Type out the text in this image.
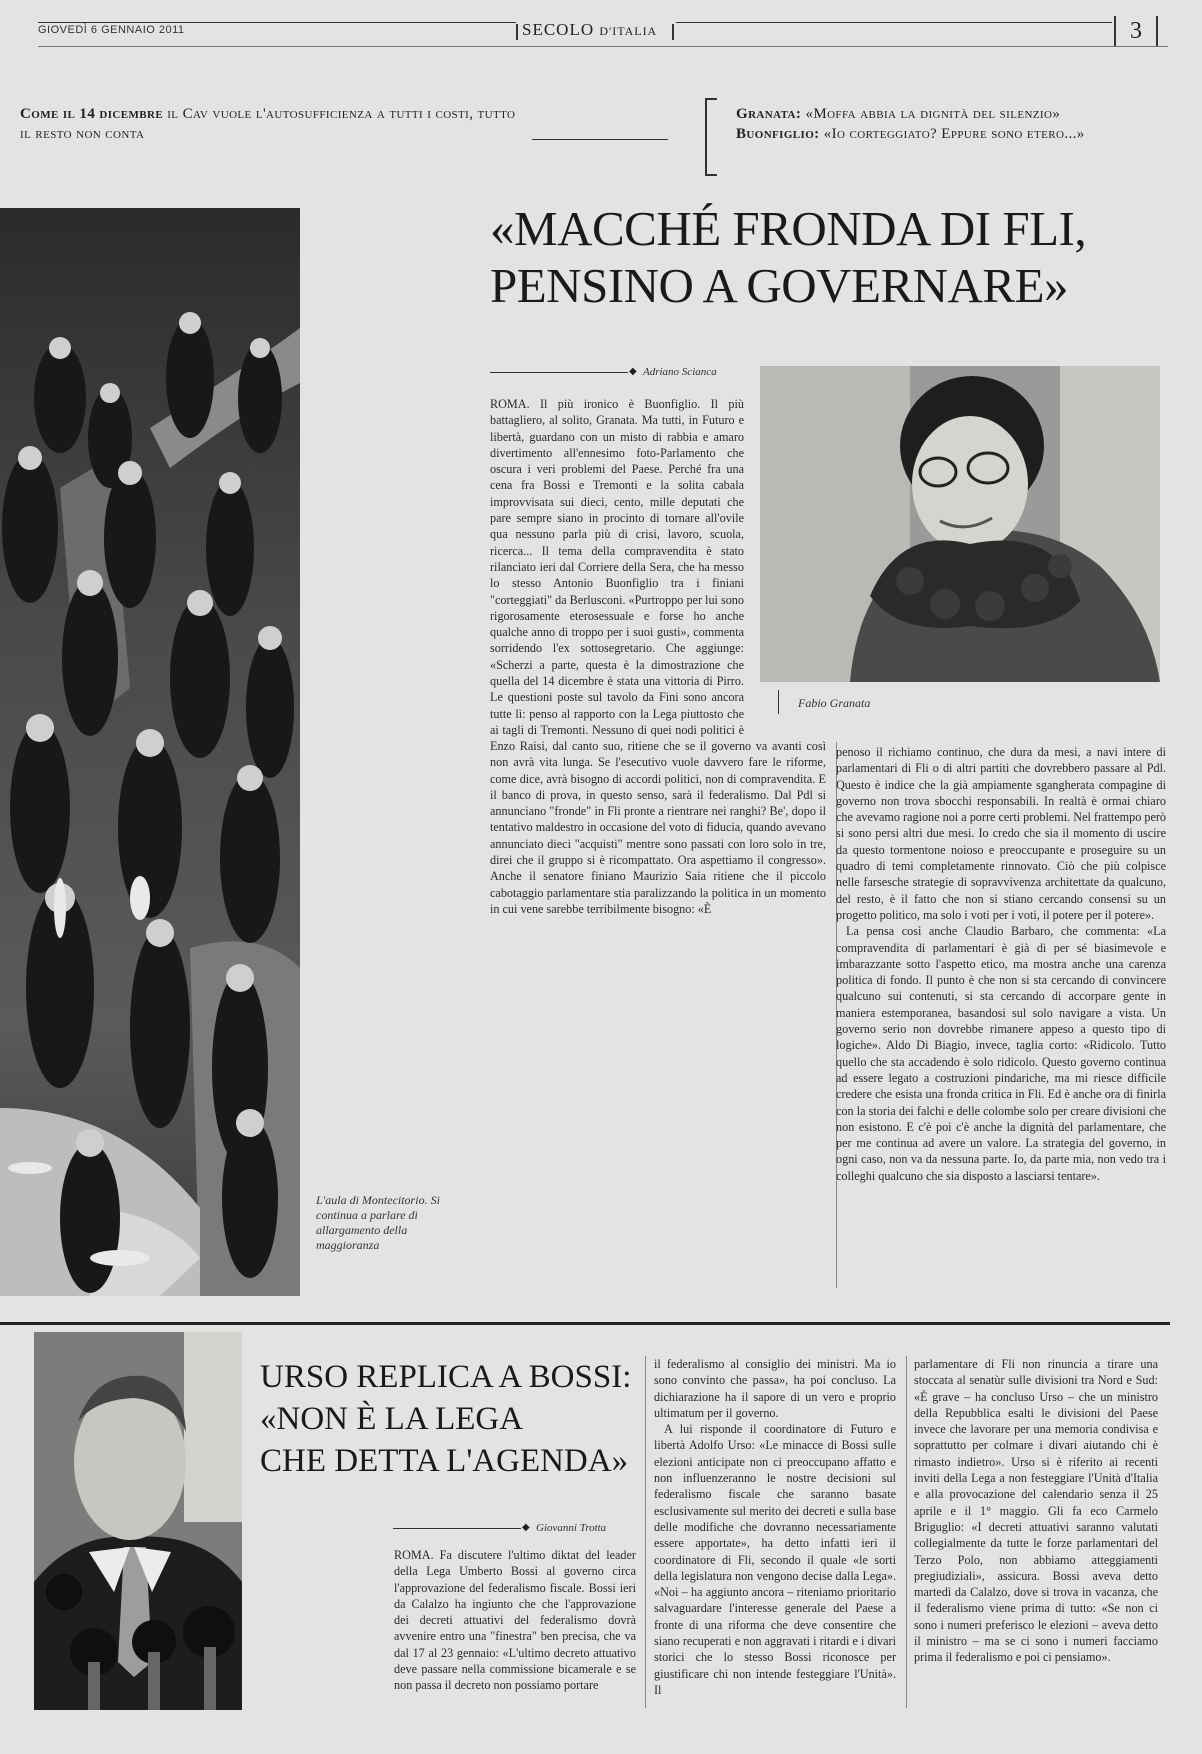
GIOVEDÌ 6 GENNAIO 2011	SECOLO D'ITALIA	3
Come il 14 dicembre il Cav vuole l'autosufficienza a tutti i costi, tutto il resto non conta
Granata: «Moffa abbia la dignità del silenzio»
Buonfiglio: «Io corteggiato? Eppure sono etero...»
L'aula di Montecitorio. Si continua a parlare di allargamento della maggioranza
«MACCHÉ FRONDA DI FLI,
PENSINO A GOVERNARE»
◆ Adriano Scianca
Fabio Granata

ROMA. Il più ironico è Buonfiglio. Il più battagliero, al solito, Granata. Ma tutti, in Futuro e libertà, guardano con un misto di rabbia e amaro divertimento all'ennesimo foto-Parlamento che oscura i veri problemi del Paese. Perché fra una cena fra Bossi e Tremonti e la solita cabala improvvisata sui dieci, cento, mille deputati che pare sempre siano in procinto di tornare all'ovile qua nessuno parla più di crisi, lavoro, scuola, ricerca... Il tema della compravendita è stato rilanciato ieri dal Corriere della Sera, che ha messo lo stesso Antonio Buonfiglio tra i finiani "corteggiati" da Berlusconi. «Purtroppo per lui sono rigorosamente eterosessuale e forse ho anche qualche anno di troppo per i suoi gusti», commenta sorridendo l'ex sottosegretario. Che aggiunge: «Scherzi a parte, questa è la dimostrazione che quella del 14 dicembre è stata una vittoria di Pirro. Le questioni poste sul tavolo da Fini sono ancora tutte lì: penso al rapporto con la Lega piuttosto che ai tagli di Tremonti. Nessuno di quei nodi politici è

Enzo Raisi, dal canto suo, ritiene che se il governo va avanti così non avrà vita lunga. Se l'esecutivo vuole davvero fare le riforme, come dice, avrà bisogno di accordi politici, non di compravendita. E il banco di prova, in questo senso, sarà il federalismo. Dal Pdl si annunciano "fronde" in Fli pronte a rientrare nei ranghi? Be', dopo il tentativo maldestro in occasione del voto di fiducia, quando avevano annunciato dieci "acquisti" mentre sono passati con loro solo in tre, direi che il gruppo si è ricompattato. Ora aspettiamo il congresso». Anche il senatore finiano Maurizio Saia ritiene che il piccolo cabotaggio parlamentare stia paralizzando la politica in un momento in cui vene sarebbe terribilmente bisogno: «È

penoso il richiamo continuo, che dura da mesi, a navi intere di parlamentari di Fli o di altri partiti che dovrebbero passare al Pdl. Questo è indice che la già ampiamente sgangherata compagine di governo non trova sbocchi responsabili. In realtà è ormai chiaro che avevamo ragione noi a porre certi problemi. Nel frattempo però si sono persi altri due mesi. Io credo che sia il momento di uscire da questo tormentone noioso e preoccupante e proseguire su un quadro di temi completamente rinnovato. Ciò che più colpisce nelle farsesche strategie di sopravvivenza architettate da qualcuno, del resto, è il fatto che non si stiano cercando consensi su un progetto politico, ma solo i voti per i voti, il potere per il potere».

La pensa così anche Claudio Barbaro, che commenta: «La compravendita di parlamentari è già di per sé biasimevole e imbarazzante sotto l'aspetto etico, ma mostra anche una carenza politica di fondo. Il punto è che non si sta cercando di convincere qualcuno sui contenuti, si sta cercando di accorpare gente in maniera estemporanea, basandosi sul solo navigare a vista. Un governo serio non dovrebbe rimanere appeso a questo tipo di logiche». Aldo Di Biagio, invece, taglia corto: «Ridicolo. Tutto quello che sta accadendo è solo ridicolo. Questo governo continua ad essere legato a costruzioni pindariche, ma mi riesce difficile credere che esista una fronda critica in Fli. Ed è anche ora di finirla con la storia dei falchi e delle colombe solo per creare divisioni che non esistono. E c'è poi c'è anche la dignità del parlamentare, che per me continua ad avere un valore. La strategia del governo, in ogni caso, non va da nessuna parte. Io, da parte mia, non vedo tra i colleghi qualcuno che sia disposto a lasciarsi tentare».

URSO REPLICA A BOSSI:
«NON È LA LEGA
CHE DETTA L'AGENDA»
◆ Giovanni Trotta

ROMA. Fa discutere l'ultimo diktat del leader della Lega Umberto Bossi al governo circa l'approvazione del federalismo fiscale. Bossi ieri da Calalzo ha ingiunto che che l'approvazione dei decreti attuativi del federalismo dovrà avvenire entro una "finestra" ben precisa, che va dal 17 al 23 gennaio: «L'ultimo decreto attuativo deve passare nella commissione bicamerale e se non passa il decreto non possiamo portare

il federalismo al consiglio dei ministri. Ma io sono convinto che passa», ha poi concluso. La dichiarazione ha il sapore di un vero e proprio ultimatum per il governo.

A lui risponde il coordinatore di Futuro e libertà Adolfo Urso: «Le minacce di Bossi sulle elezioni anticipate non ci preoccupano affatto e non influenzeranno le nostre decisioni sul federalismo fiscale che saranno basate esclusivamente sul merito dei decreti e sulla base delle modifiche che dovranno necessariamente essere apportate», ha detto infatti ieri il coordinatore di Fli, secondo il quale «le sorti della legislatura non vengono decise dalla Lega». «Noi – ha aggiunto ancora – riteniamo prioritario salvaguardare l'interesse generale del Paese a fronte di una riforma che deve consentire che siano recuperati e non aggravati i ritardi e i divari storici che lo stesso Bossi riconosce per giustificare chi non intende festeggiare l'Unità». Il

parlamentare di Fli non rinuncia a tirare una stoccata al senatùr sulle divisioni tra Nord e Sud: «È grave – ha concluso Urso – che un ministro della Repubblica esalti le divisioni del Paese invece che lavorare per una memoria condivisa e soprattutto per colmare i divari aiutando chi è rimasto indietro». Urso si è riferito ai recenti inviti della Lega a non festeggiare l'Unità d'Italia e alla provocazione del calendario senza il 25 aprile e il 1° maggio. Gli fa eco Carmelo Briguglio: «I decreti attuativi saranno valutati collegialmente da tutte le forze parlamentari del Terzo Polo, non abbiamo atteggiamenti pregiudiziali», assicura. Bossi aveva detto martedì da Calalzo, dove si trova in vacanza, che il federalismo viene prima di tutto: «Se non ci sono i numeri preferisco le elezioni – aveva detto il ministro – ma se ci sono i numeri facciamo prima il federalismo e poi ci pensiamo».
